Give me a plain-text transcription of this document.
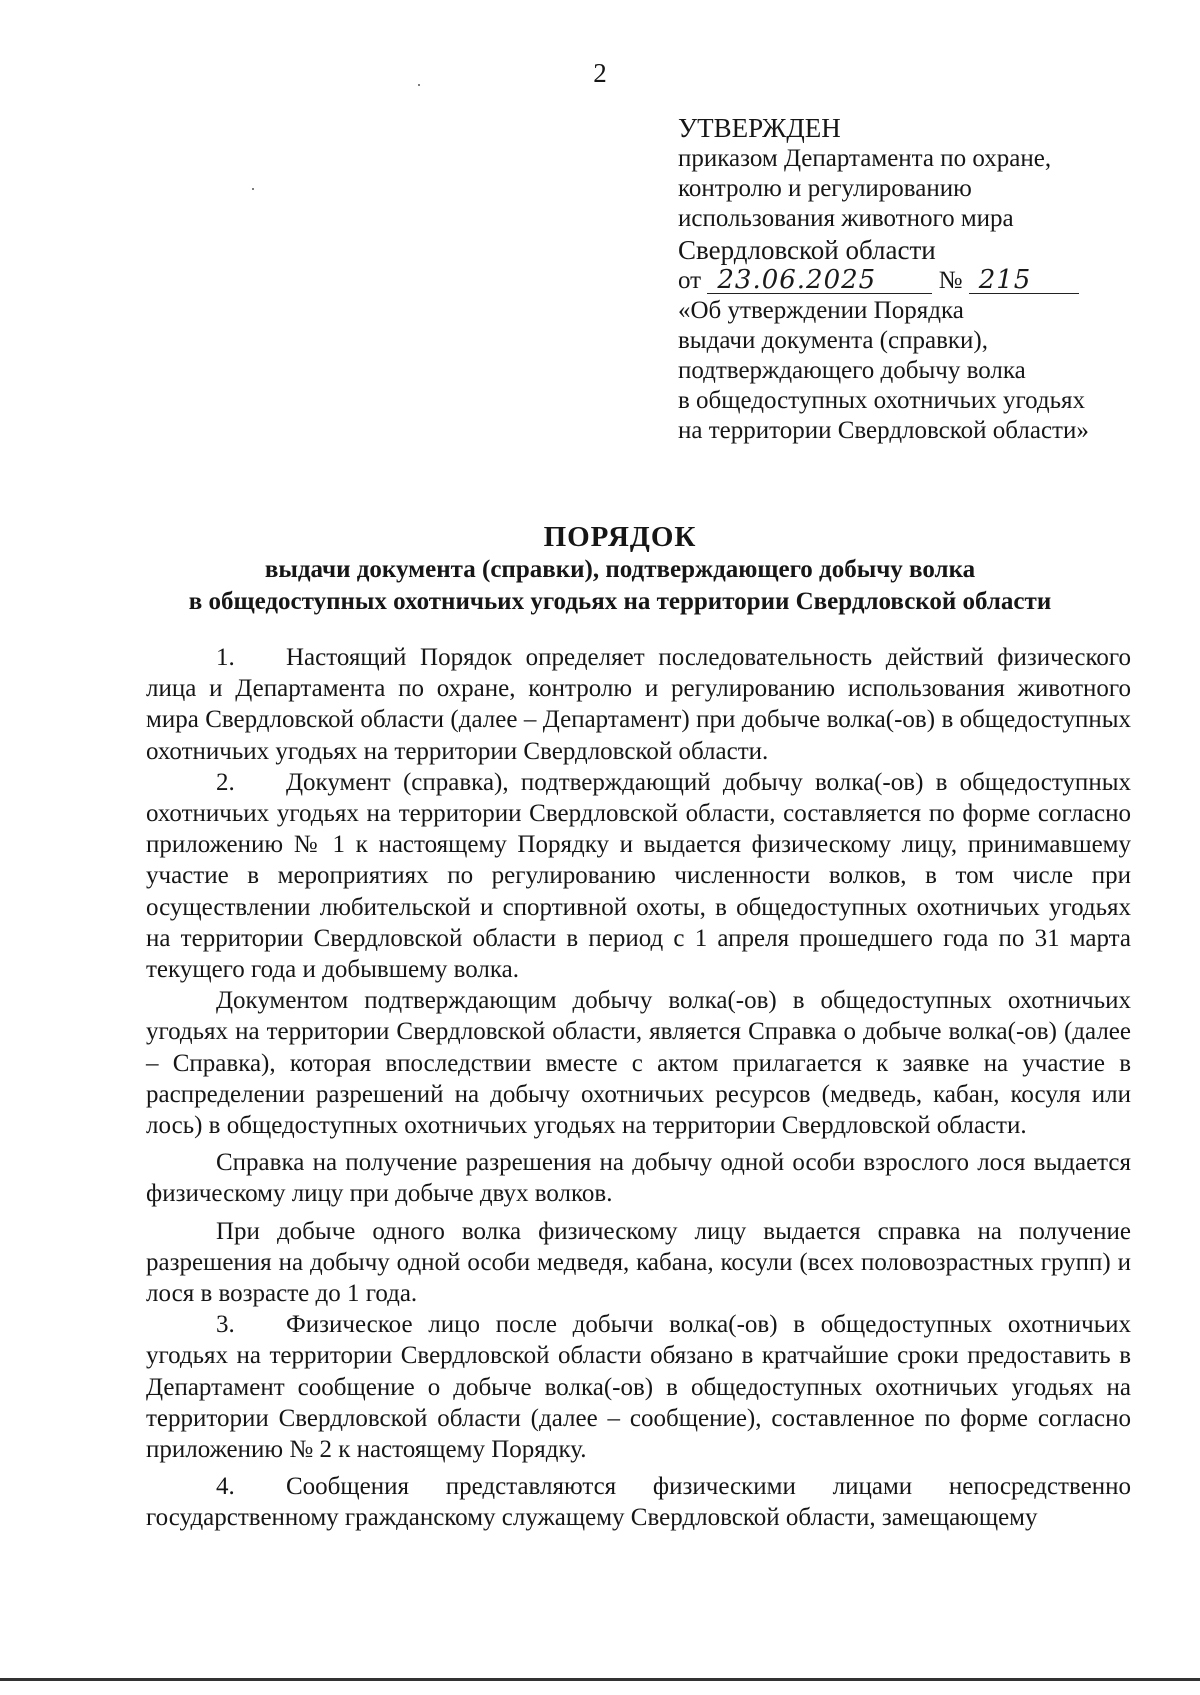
2
УТВЕРЖДЕН
приказом Департамента по охране,
контролю и регулированию
использования животного мира
Свердловской области
от 23.06.2025 № 215
«Об утверждении Порядка
выдачи документа (справки),
подтверждающего добычу волка
в общедоступных охотничьих угодьях
на территории Свердловской области»
ПОРЯДОК
выдачи документа (справки), подтверждающего добычу волка
в общедоступных охотничьих угодьях на территории Свердловской области

1. Настоящий Порядок определяет последовательность действий физического лица и Департамента по охране, контролю и регулированию использования животного мира Свердловской области (далее – Департамент) при добыче волка(-ов) в общедоступных охотничьих угодьях на территории Свердловской области.

2. Документ (справка), подтверждающий добычу волка(-ов) в общедоступных охотничьих угодьях на территории Свердловской области, составляется по форме согласно приложению № 1 к настоящему Порядку и выдается физическому лицу, принимавшему участие в мероприятиях по регулированию численности волков, в том числе при осуществлении любительской и спортивной охоты, в общедоступных охотничьих угодьях на территории Свердловской области в период с 1 апреля прошедшего года по 31 марта текущего года и добывшему волка.

Документом подтверждающим добычу волка(-ов) в общедоступных охотничьих угодьях на территории Свердловской области, является Справка о добыче волка(-ов) (далее – Справка), которая впоследствии вместе с актом прилагается к заявке на участие в распределении разрешений на добычу охотничьих ресурсов (медведь, кабан, косуля или лось) в общедоступных охотничьих угодьях на территории Свердловской области.

Справка на получение разрешения на добычу одной особи взрослого лося выдается физическому лицу при добыче двух волков.

При добыче одного волка физическому лицу выдается справка на получение разрешения на добычу одной особи медведя, кабана, косули (всех половозрастных групп) и лося в возрасте до 1 года.

3. Физическое лицо после добычи волка(-ов) в общедоступных охотничьих угодьях на территории Свердловской области обязано в кратчайшие сроки предоставить в Департамент сообщение о добыче волка(-ов) в общедоступных охотничьих угодьях на территории Свердловской области (далее – сообщение), составленное по форме согласно приложению № 2 к настоящему Порядку.

4. Сообщения представляются физическими лицами непосредственно государственному гражданскому служащему Свердловской области, замещающему
